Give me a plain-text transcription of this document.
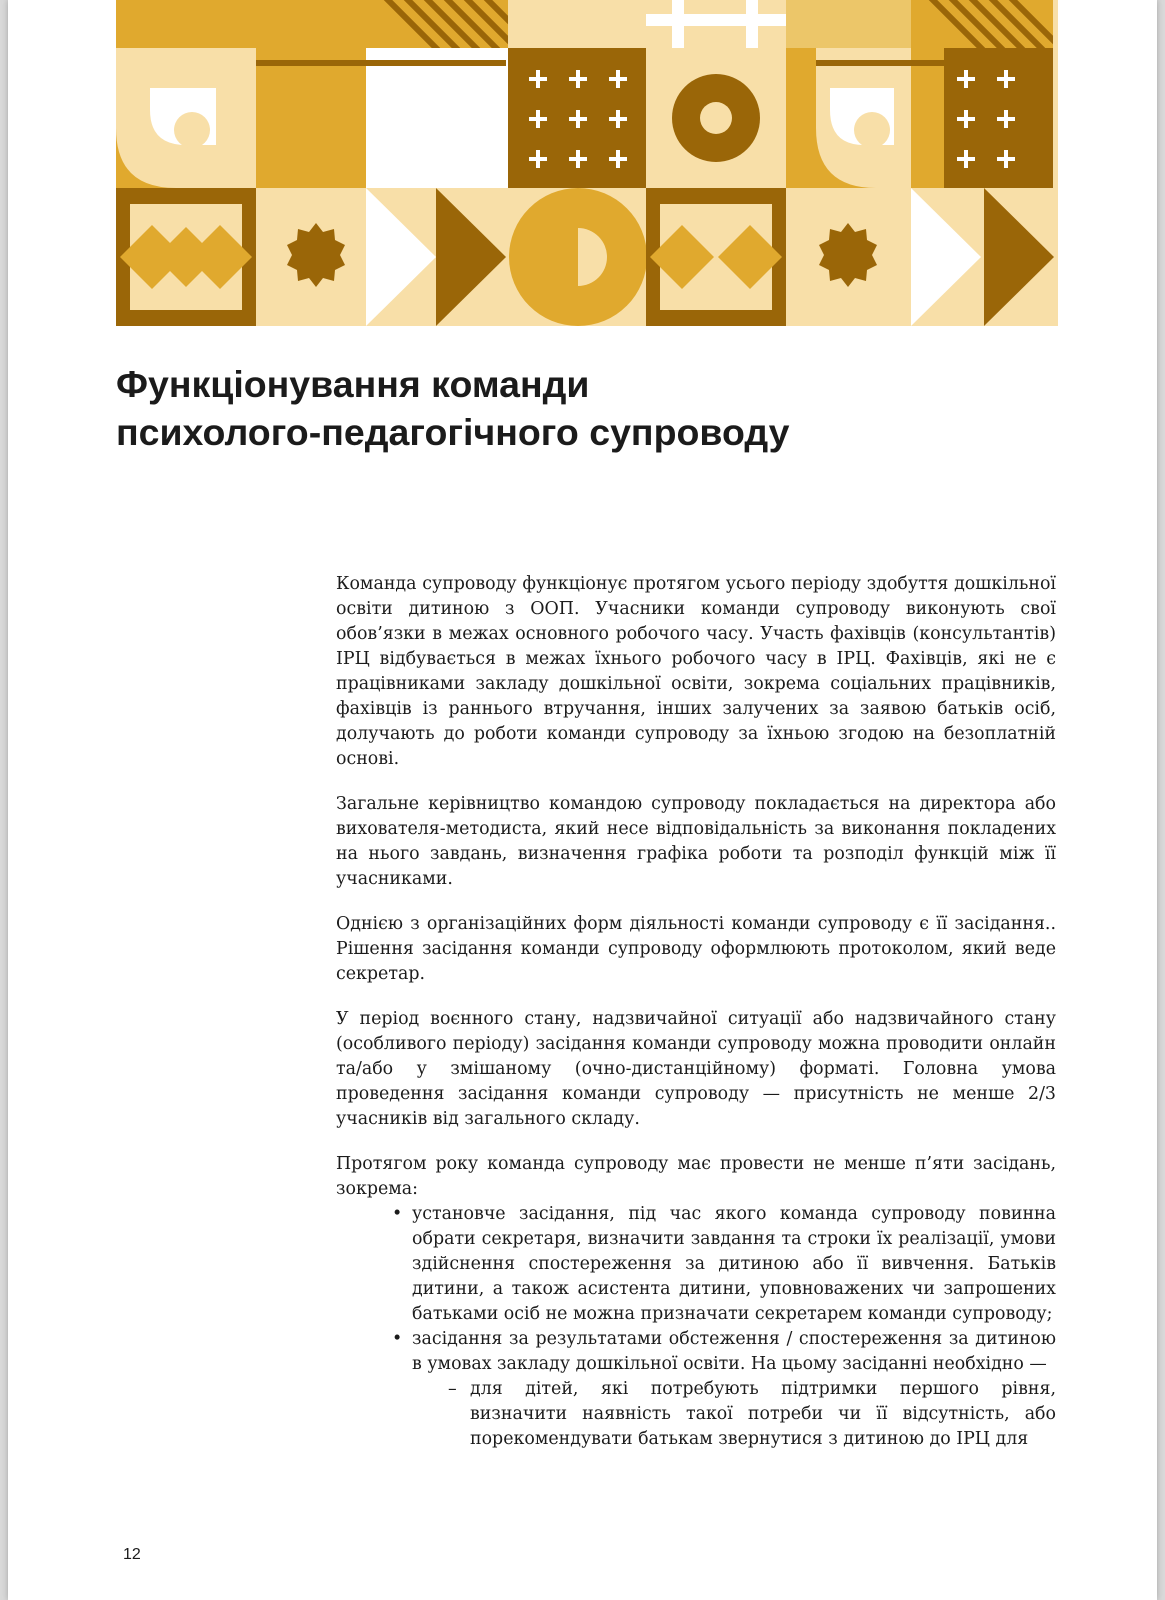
Функціонування команди
психолого-педагогічного супроводу

Команда супроводу функціонує протягом усього періоду здобуття дошкільної освіти дитиною з ООП. Учасники команди супроводу виконують свої обов’язки в межах основного робочого часу. Участь фахівців (консультантів) ІРЦ відбувається в межах їхнього робочого часу в ІРЦ. Фахівців, які не є працівниками закладу дошкільної освіти, зокрема соціальних працівників, фахівців із раннього втручання, інших залучених за заявою батьків осіб, долучають до роботи команди супроводу за їхньою згодою на безоплатній основі.

Загальне керівництво командою супроводу покладається на директора або вихователя-методиста, який несе відповідальність за виконання покладених на нього завдань, визначення графіка роботи та розподіл функцій між її учасниками.

Однією з організаційних форм діяльності команди супроводу є її засідання.. Рішення засідання команди супроводу оформлюють протоколом, який веде секретар.

У період воєнного стану, надзвичайної ситуації або надзвичайного стану (особливого періоду) засідання команди супроводу можна проводити онлайн та/або у змішаному (очно-дистанційному) форматі. Головна умова проведення засідання команди супроводу — присутність не менше 2/3 учасників від загального складу.

Протягом року команда супроводу має провести не менше п’яти засідань, зокрема:

• установче засідання, під час якого команда супроводу повинна обрати секретаря, визначити завдання та строки їх реалізації, умови здійснення спостереження за дитиною або її вивчення. Батьків дитини, а також асистента дитини, уповноважених чи запрошених батьками осіб не можна призначати секретарем команди супроводу;
• засідання за результатами обстеження / спостереження за дитиною в умовах закладу дошкільної освіти. На цьому засіданні необхідно —
– для дітей, які потребують підтримки першого рівня, визначити наявність такої потреби чи її відсутність, або порекомендувати батькам звернутися з дитиною до ІРЦ для

12
